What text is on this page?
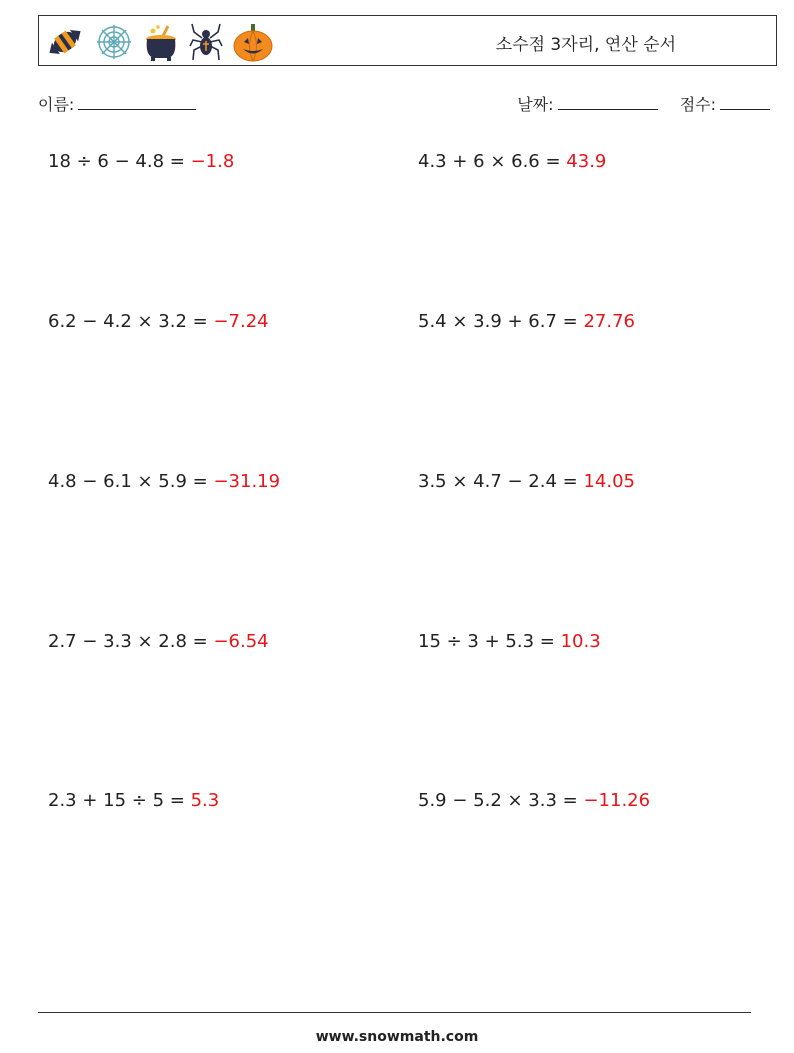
소수점 3자리, 연산 순서
이름:	날짜:	점수:
18 ÷ 6 − 4.8 = −1.8	4.3 + 6 × 6.6 = 43.9
6.2 − 4.2 × 3.2 = −7.24	5.4 × 3.9 + 6.7 = 27.76
4.8 − 6.1 × 5.9 = −31.19	3.5 × 4.7 − 2.4 = 14.05
2.7 − 3.3 × 2.8 = −6.54	15 ÷ 3 + 5.3 = 10.3
2.3 + 15 ÷ 5 = 5.3	5.9 − 5.2 × 3.3 = −11.26
www.snowmath.com
